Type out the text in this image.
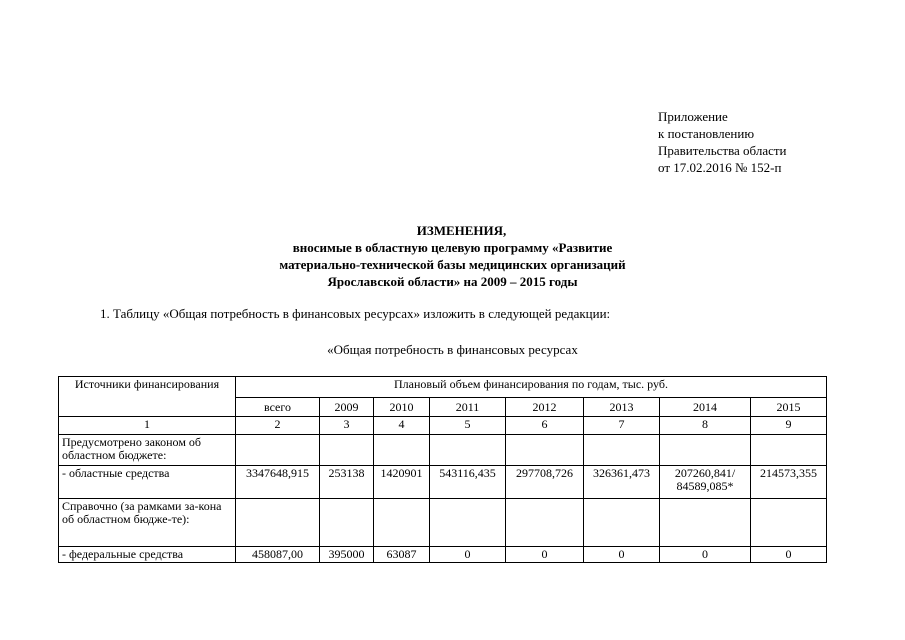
Приложение
к постановлению
Правительства области
от 17.02.2016 № 152-п
ИЗМЕНЕНИЯ,
вносимые в областную целевую программу «Развитие
материально-технической базы медицинских организаций
Ярославской области» на 2009 – 2015 годы
1. Таблицу «Общая потребность в финансовых ресурсах» изложить в следующей редакции:
«Общая потребность в финансовых ресурсах
Источники финансирования	Плановый объем финансирования по годам, тыс. руб.							
	всего	2009	2010	2011	2012	2013	2014	2015
1	2	3	4	5	6	7	8	9
Предусмотрено законом об областном бюджете:								
- областные средства	3347648,915	253138	1420901	543116,435	297708,726	326361,473	207260,841/ 84589,085*	214573,355
Справочно (за рамками за-кона об областном бюдже-те):								
- федеральные средства	458087,00	395000	63087	0	0	0	0	0
